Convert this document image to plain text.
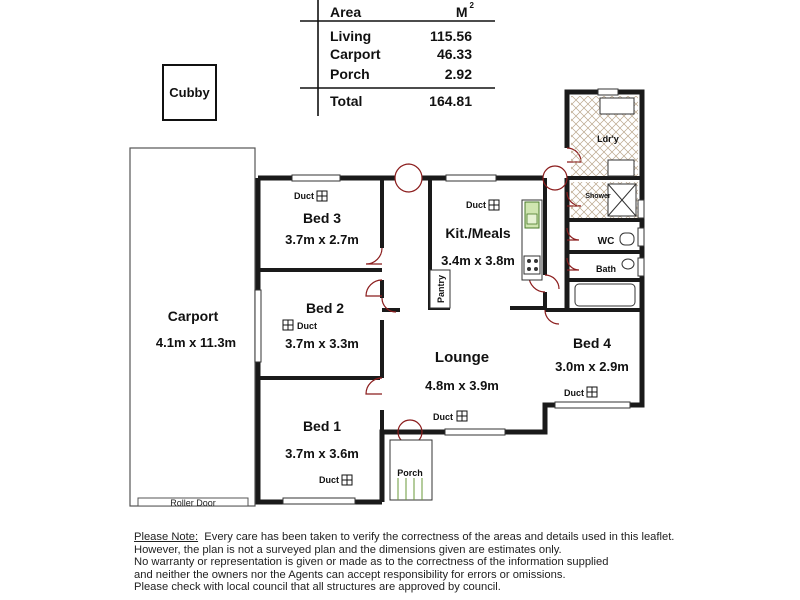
Area	M $^2$
Living	115.56
Carport	46.33
Porch	2.92
Total	164.81
Cubby
Carport
4.1m x 11.3m
Roller Door
Ldr'y
Shower
WC
Bath
Pantry
Porch
Bed 3
3.7m x 2.7m
Bed 2
3.7m x 3.3m
Bed 1
3.7m x 3.6m
Kit./Meals
3.4m x 3.8m
Lounge
4.8m x 3.9m
Bed 4
3.0m x 2.9m
Duct
Duct
Duct
Duct
Duct
Duct
Please Note:  Every care has been taken to verify the correctness of the areas and details used in this leaflet.
However, the plan is not a surveyed plan and the dimensions given are estimates only.
No warranty or representation is given or made as to the correctness of the information supplied
and neither the owners nor the Agents can accept responsibility for errors or omissions.
Please check with local council that all structures are approved by council.
